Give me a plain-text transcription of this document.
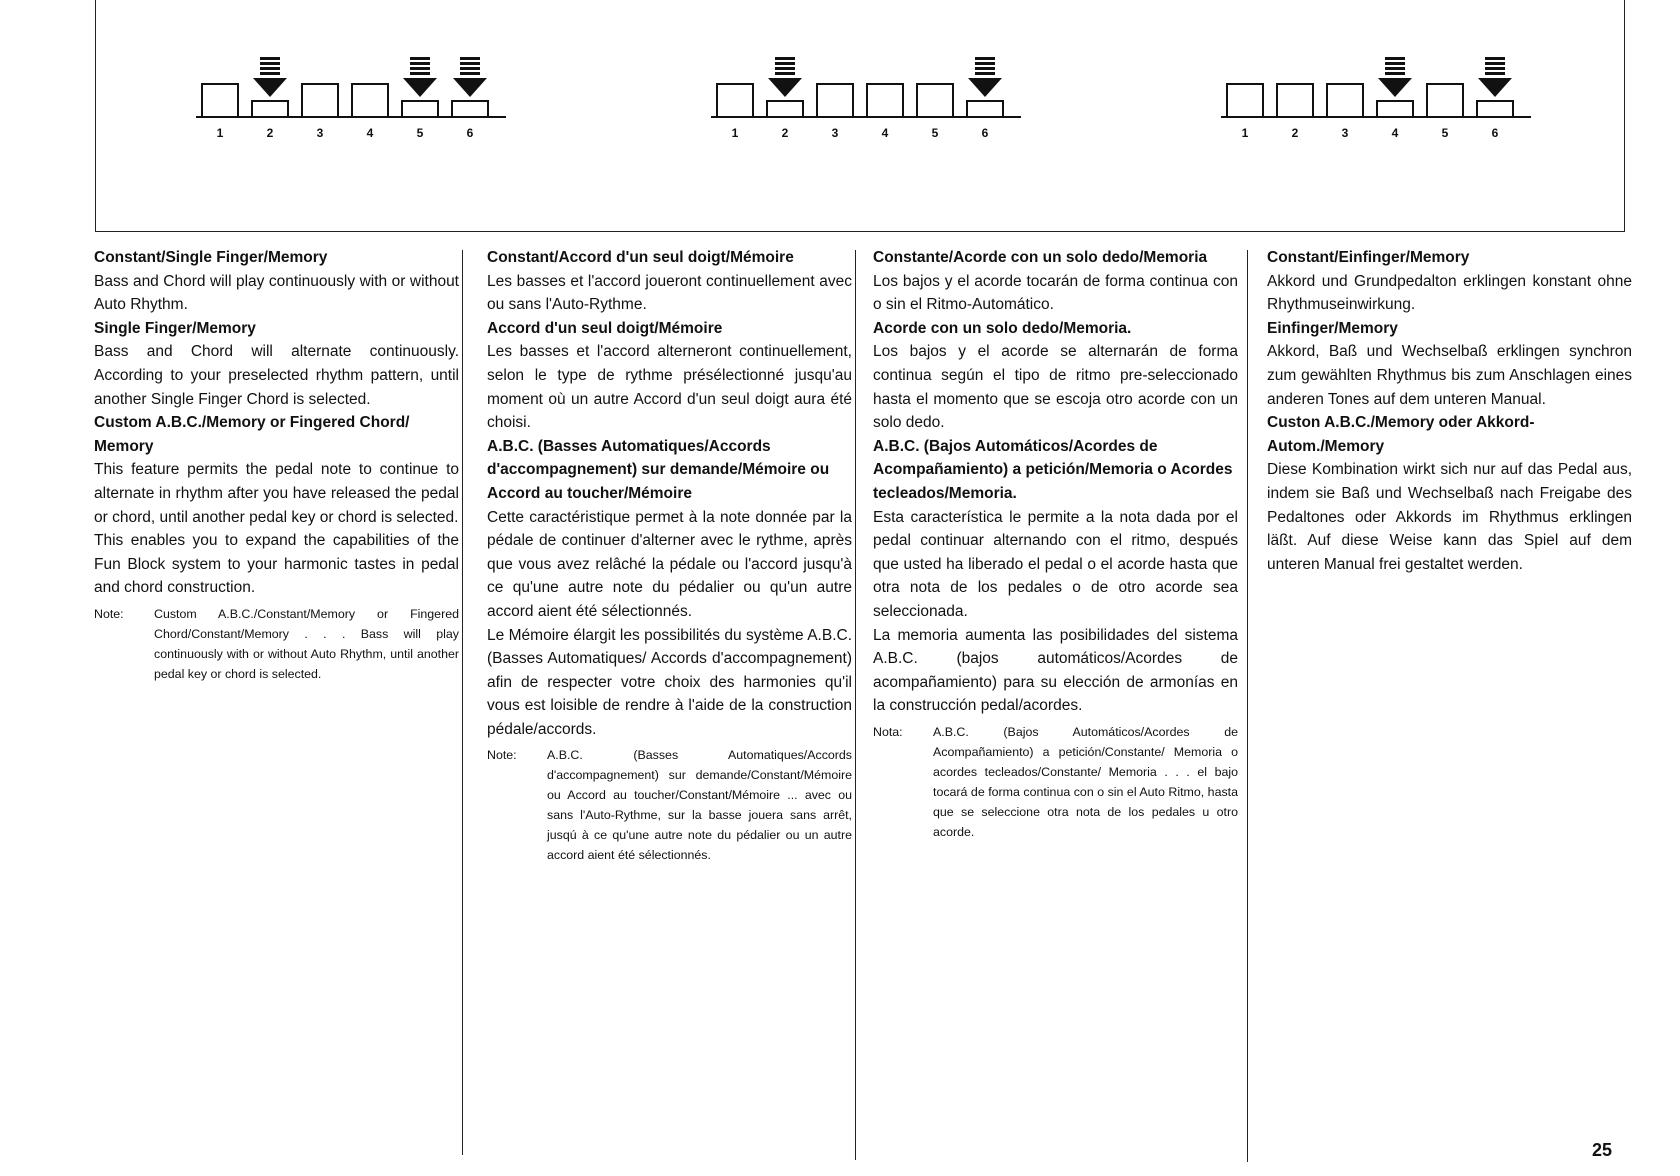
1	2	3	4	5	6	1	2	3	4	5	6	1	2	3	4	5	6

Constant/Single Finger/Memory

Bass and Chord will play continuously with or without Auto Rhythm.

Single Finger/Memory

Bass and Chord will alternate continuously. According to your preselected rhythm pattern, until another Single Finger Chord is selected.

Custom A.B.C./Memory or Fingered Chord/ Memory

This feature permits the pedal note to continue to alternate in rhythm after you have released the pedal or chord, until another pedal key or chord is selected.

This enables you to expand the capabilities of the Fun Block system to your harmonic tastes in pedal and chord construction.

Note:	Custom A.B.C./Constant/Memory or Fingered Chord/Constant/Memory . . . Bass will play continuously with or without Auto Rhythm, until another pedal key or chord is selected.

Constant/Accord d'un seul doigt/Mémoire

Les basses et l'accord joueront continuellement avec ou sans l'Auto-Rythme.

Accord d'un seul doigt/Mémoire

Les basses et l'accord alterneront continuellement, selon le type de rythme présélectionné jusqu'au moment où un autre Accord d'un seul doigt aura été choisi.

A.B.C. (Basses Automatiques/Accords d'accompagnement) sur demande/Mémoire ou Accord au toucher/Mémoire

Cette caractéristique permet à la note donnée par la pédale de continuer d'alterner avec le rythme, après que vous avez relâché la pédale ou l'accord jusqu'à ce qu'une autre note du pédalier ou qu'un autre accord aient été sélectionnés.

Le Mémoire élargit les possibilités du système A.B.C. (Basses Automatiques/ Accords d'accompagnement) afin de respecter votre choix des harmonies qu'il vous est loisible de rendre à l'aide de la construction pédale/accords.

Note:	A.B.C. (Basses Automatiques/Accords d'accompagnement) sur demande/Constant/Mémoire ou Accord au toucher/Constant/Mémoire ... avec ou sans l'Auto-Rythme, sur la basse jouera sans arrêt, jusqú à ce qu'une autre note du pédalier ou un autre accord aient été sélectionnés.

Constante/Acorde con un solo dedo/Memoria

Los bajos y el acorde tocarán de forma continua con o sin el Ritmo-Automático.

Acorde con un solo dedo/Memoria.

Los bajos y el acorde se alternarán de forma continua según el tipo de ritmo pre-seleccionado hasta el momento que se escoja otro acorde con un solo dedo.

A.B.C. (Bajos Automáticos/Acordes de Acompañamiento) a petición/Memoria o Acordes tecleados/Memoria.

Esta característica le permite a la nota dada por el pedal continuar alternando con el ritmo, después que usted ha liberado el pedal o el acorde hasta que otra nota de los pedales o de otro acorde sea seleccionada.

La memoria aumenta las posibilidades del sistema A.B.C. (bajos automáticos/Acordes de acompañamiento) para su elección de armonías en la construcción pedal/acordes.

Nota:	A.B.C. (Bajos Automáticos/Acordes de Acompañamiento) a petición/Constante/ Memoria o acordes tecleados/Constante/ Memoria . . . el bajo tocará de forma continua con o sin el Auto Ritmo, hasta que se seleccione otra nota de los pedales u otro acorde.

Constant/Einfinger/Memory

Akkord und Grundpedalton erklingen konstant ohne Rhythmuseinwirkung.

Einfinger/Memory

Akkord, Baß und Wechselbaß erklingen synchron zum gewählten Rhythmus bis zum Anschlagen eines anderen Tones auf dem unteren Manual.

Custon A.B.C./Memory oder Akkord-Autom./Memory

Diese Kombination wirkt sich nur auf das Pedal aus, indem sie Baß und Wechselbaß nach Freigabe des Pedaltones oder Akkords im Rhythmus erklingen läßt. Auf diese Weise kann das Spiel auf dem unteren Manual frei gestaltet werden.

25
